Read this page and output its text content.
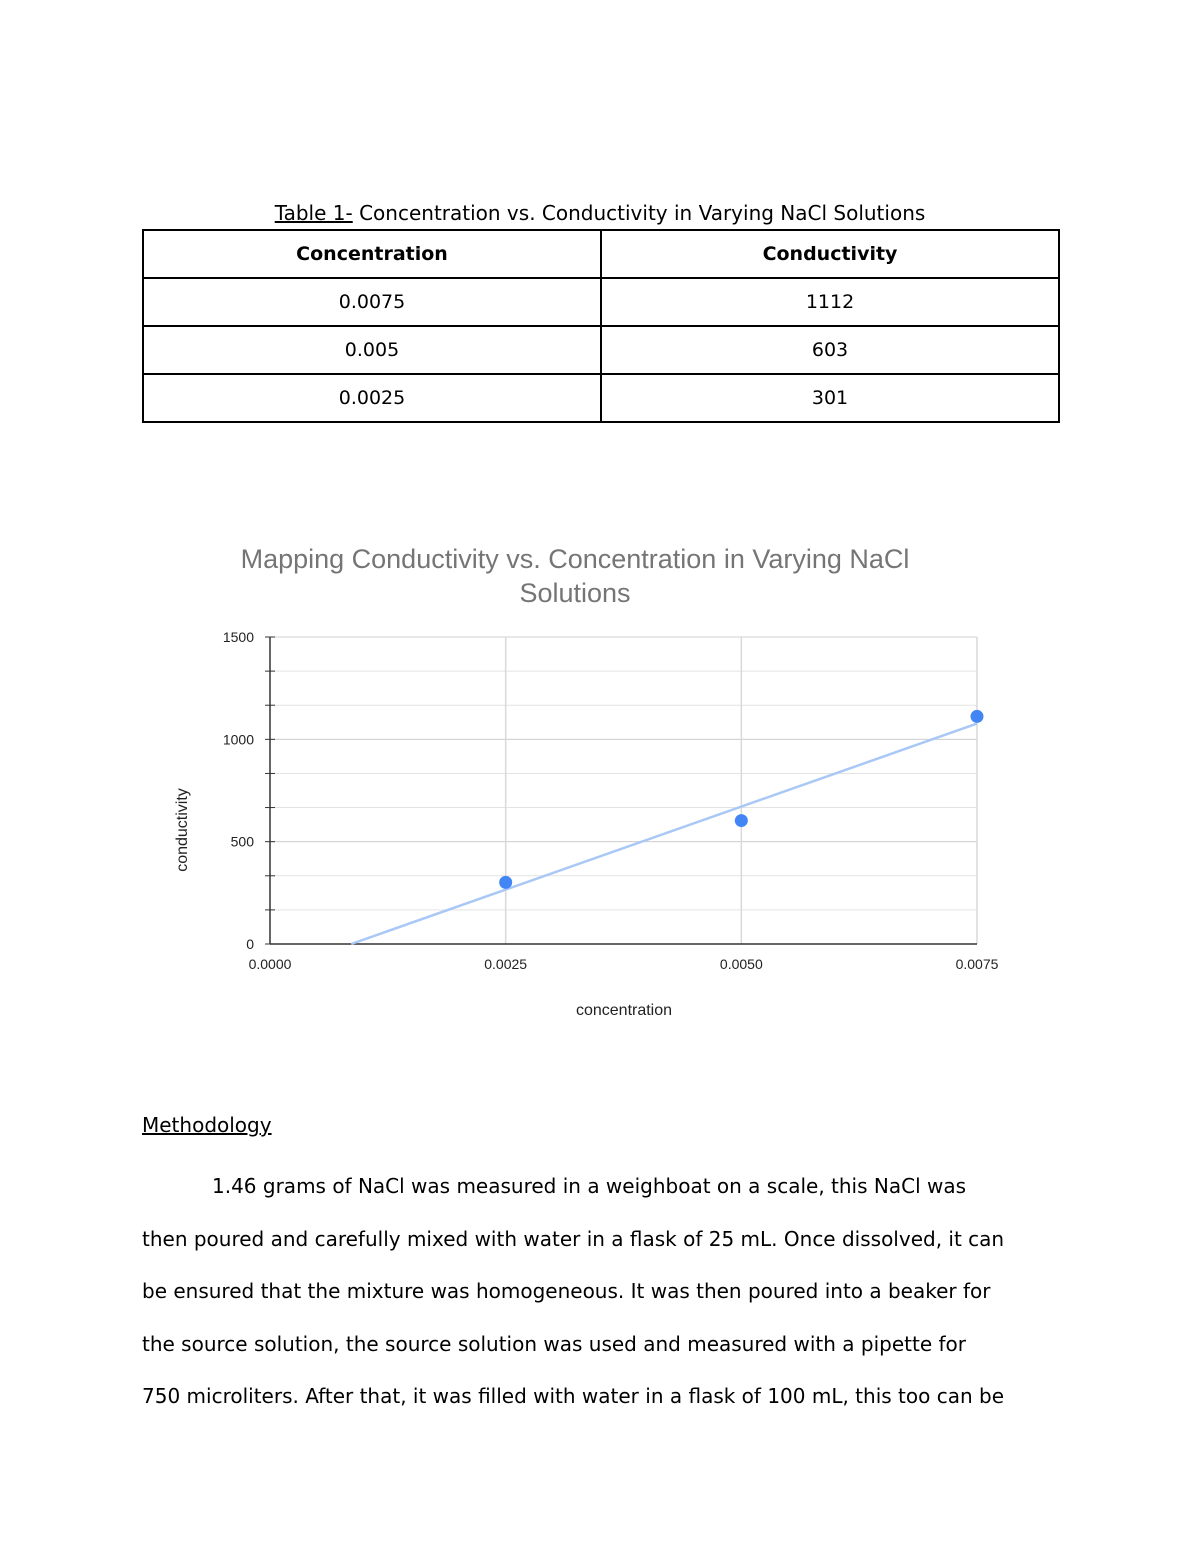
Table 1- Concentration vs. Conductivity in Varying NaCl Solutions
Concentration	Conductivity
0.0075	1112
0.005	603
0.0025	301
Mapping Conductivity vs. Concentration in Varying NaCl
Solutions
0
500
1000
1500
0.0000	0.0025	0.0050	0.0075
concentration
conductivity
Methodology
1.46 grams of NaCl was measured in a weighboat on a scale, this NaCl was
then poured and carefully mixed with water in a flask of 25 mL. Once dissolved, it can
be ensured that the mixture was homogeneous. It was then poured into a beaker for
the source solution, the source solution was used and measured with a pipette for
750 microliters. After that, it was filled with water in a flask of 100 mL, this too can be
